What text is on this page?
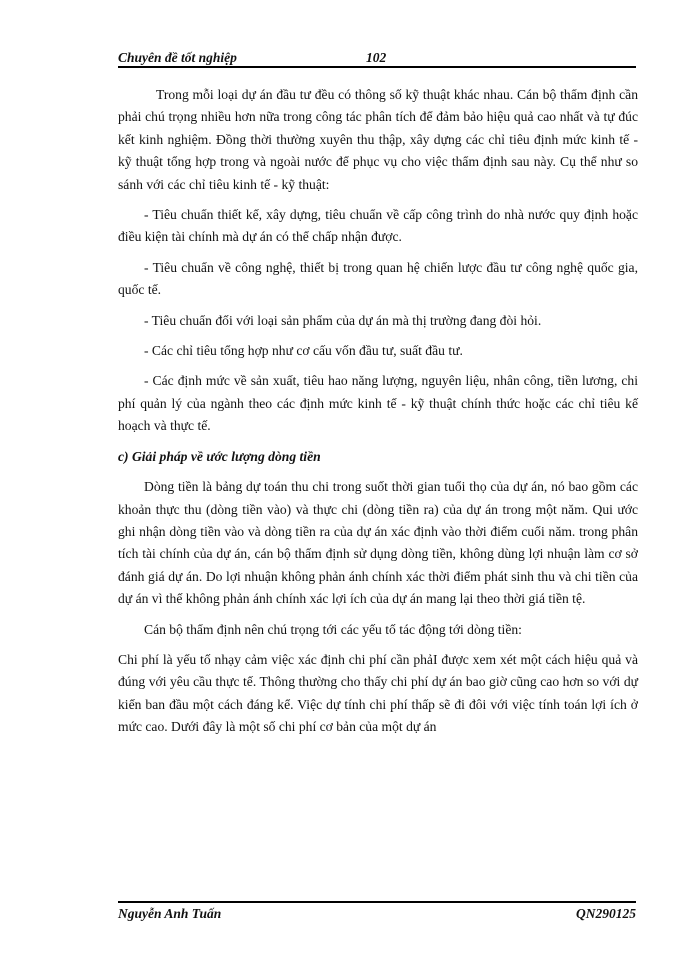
Chuyên đề tốt nghiệp	102

Trong mỗi loại dự án đầu tư đều có thông số kỹ thuật khác nhau. Cán bộ thẩm định cần phải chú trọng nhiều hơn nữa trong công tác phân tích để đảm bảo hiệu quả cao nhất và tự đúc kết kinh nghiệm. Đồng thời thường xuyên thu thập, xây dựng các chỉ tiêu định mức kinh tế - kỹ thuật tổng hợp trong và ngoài nước để phục vụ cho việc thẩm định sau này. Cụ thể như so sánh với các chỉ tiêu kinh tế - kỹ thuật:

- Tiêu chuẩn thiết kế, xây dựng, tiêu chuẩn về cấp công trình do nhà nước quy định hoặc điều kiện tài chính mà dự án có thể chấp nhận được.

- Tiêu chuẩn về công nghệ, thiết bị trong quan hệ chiến lược đầu tư công nghệ quốc gia, quốc tế.

- Tiêu chuẩn đối với loại sản phẩm của dự án mà thị trường đang đòi hỏi.

- Các chỉ tiêu tổng hợp như cơ cấu vốn đầu tư, suất đầu tư.

- Các định mức về sản xuất, tiêu hao năng lượng, nguyên liệu, nhân công, tiền lương, chi phí quản lý của ngành theo các định mức kinh tế - kỹ thuật chính thức hoặc các chỉ tiêu kế hoạch và thực tế.

c) Giải pháp về ước lượng dòng tiền

Dòng tiền là bảng dự toán thu chi trong suốt thời gian tuổi thọ của dự án, nó bao gồm các khoản thực thu (dòng tiền vào) và thực chi (dòng tiền ra) của dự án trong một năm. Qui ước ghi nhận dòng tiền vào và dòng tiền ra của dự án xác định vào thời điểm cuối năm. trong phân tích tài chính của dự án, cán bộ thẩm định sử dụng dòng tiền, không dùng lợi nhuận làm cơ sở đánh giá dự án. Do lợi nhuận không phản ánh chính xác thời điểm phát sinh thu và chi tiền của dự án vì thế không phản ánh chính xác lợi ích của dự án mang lại theo thời giá tiền tệ.

Cán bộ thẩm định nên chú trọng tới các yếu tố tác động tới dòng tiền:

Chi phí là yếu tố nhạy cảm việc xác định chi phí cần phảI được xem xét một cách hiệu quả và đúng với yêu cầu thực tế. Thông thường cho thấy chi phí dự án bao giờ cũng cao hơn so với dự kiến ban đầu một cách đáng kể. Việc dự tính chi phí thấp sẽ đi đôi với việc tính toán lợi ích ở mức cao. Dưới đây là một số chi phí cơ bản của một dự án

Nguyễn Anh Tuấn	QN290125
